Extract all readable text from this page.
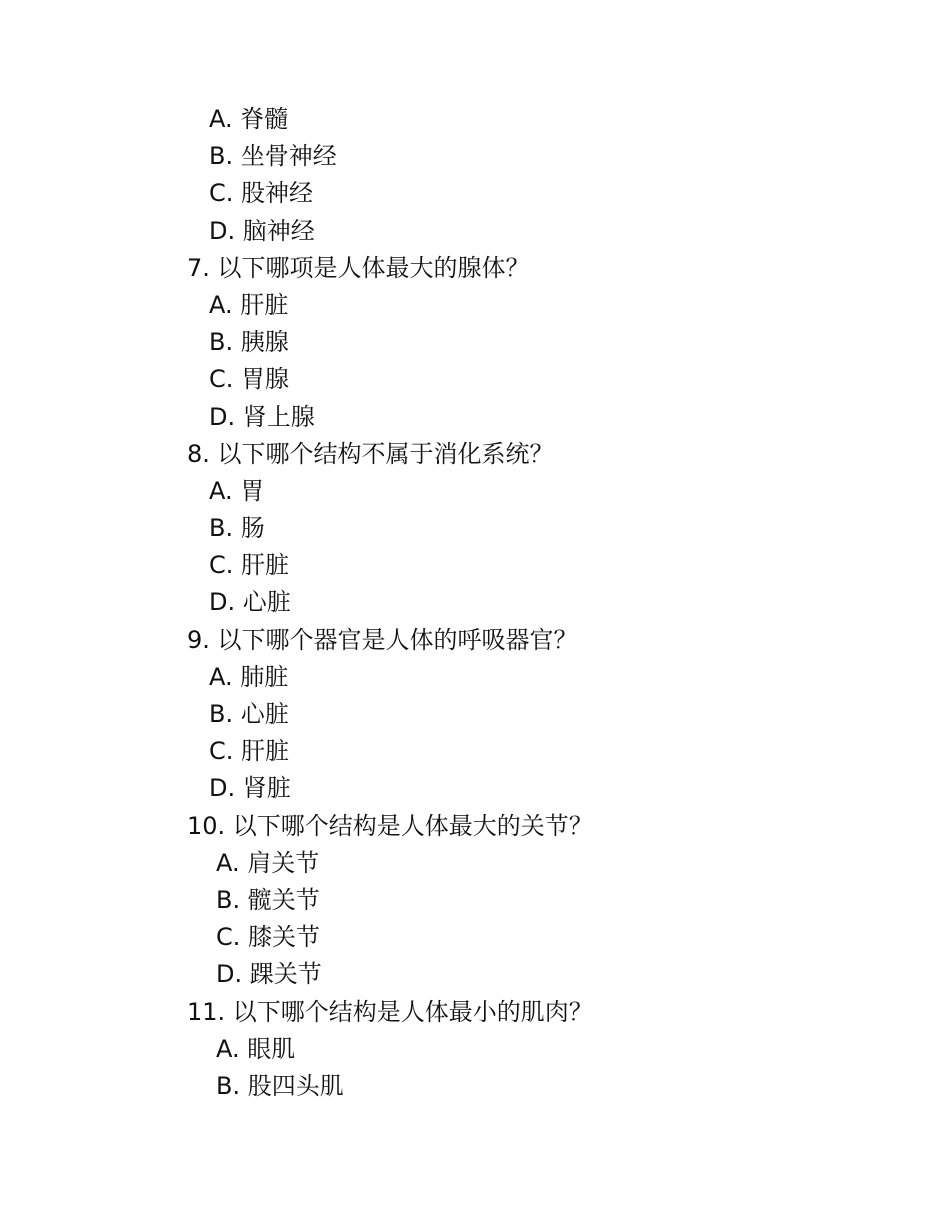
A. 脊髓
B. 坐骨神经
C. 股神经
D. 脑神经
7. 以下哪项是人体最大的腺体？
A. 肝脏
B. 胰腺
C. 胃腺
D. 肾上腺
8. 以下哪个结构不属于消化系统？
A. 胃
B. 肠
C. 肝脏
D. 心脏
9. 以下哪个器官是人体的呼吸器官？
A. 肺脏
B. 心脏
C. 肝脏
D. 肾脏
10. 以下哪个结构是人体最大的关节？
A. 肩关节
B. 髋关节
C. 膝关节
D. 踝关节
11. 以下哪个结构是人体最小的肌肉？
A. 眼肌
B. 股四头肌
